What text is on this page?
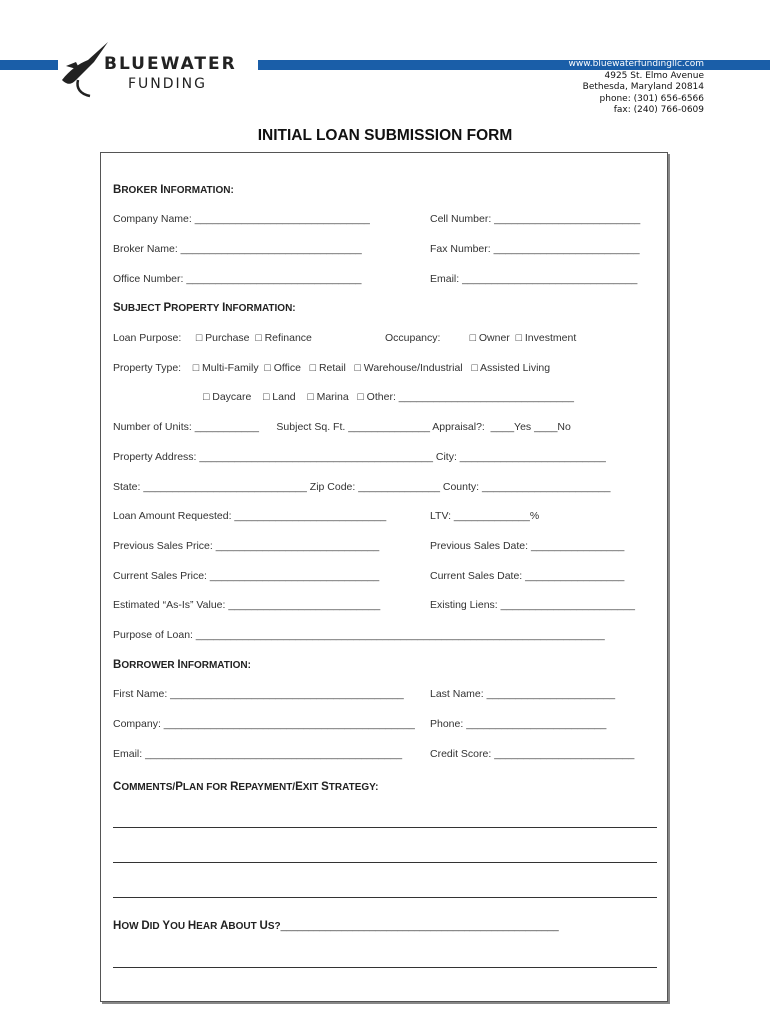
BLUEWATER
FUNDING
www.bluewaterfundingllc.com
4925 St. Elmo Avenue
Bethesda, Maryland 20814
phone: (301) 656-6566
fax: (240) 766-0609
INITIAL LOAN SUBMISSION FORM
BROKER INFORMATION:
Company Name: ______________________________	Cell Number: _________________________
Broker Name: _______________________________	Fax Number: _________________________
Office Number: ______________________________	Email: ______________________________
SUBJECT PROPERTY INFORMATION:
Loan Purpose:     □ Purchase  □ Refinance	Occupancy:          □ Owner  □ Investment
Property Type:    □ Multi-Family  □ Office   □ Retail   □ Warehouse/Industrial   □ Assisted Living
□ Daycare    □ Land    □ Marina   □ Other: ______________________________
Number of Units: ___________      Subject Sq. Ft. ______________ Appraisal?:  ____Yes ____No
Property Address: ________________________________________ City: _________________________
State: ____________________________ Zip Code: ______________ County: ______________________
Loan Amount Requested: __________________________	LTV: _____________%
Previous Sales Price: ____________________________	Previous Sales Date: ________________
Current Sales Price: _____________________________	Current Sales Date: _________________
Estimated “As-Is” Value: __________________________	Existing Liens: _______________________
Purpose of Loan: ______________________________________________________________________
BORROWER INFORMATION:
First Name: ________________________________________ Last Name: ______________________
Company: ___________________________________________ Phone: ________________________
Email: ____________________________________________	Credit Score: ________________________
COMMENTS/PLAN FOR REPAYMENT/EXIT STRATEGY:
HOW DID YOU HEAR ABOUT US?__________________________________________________
